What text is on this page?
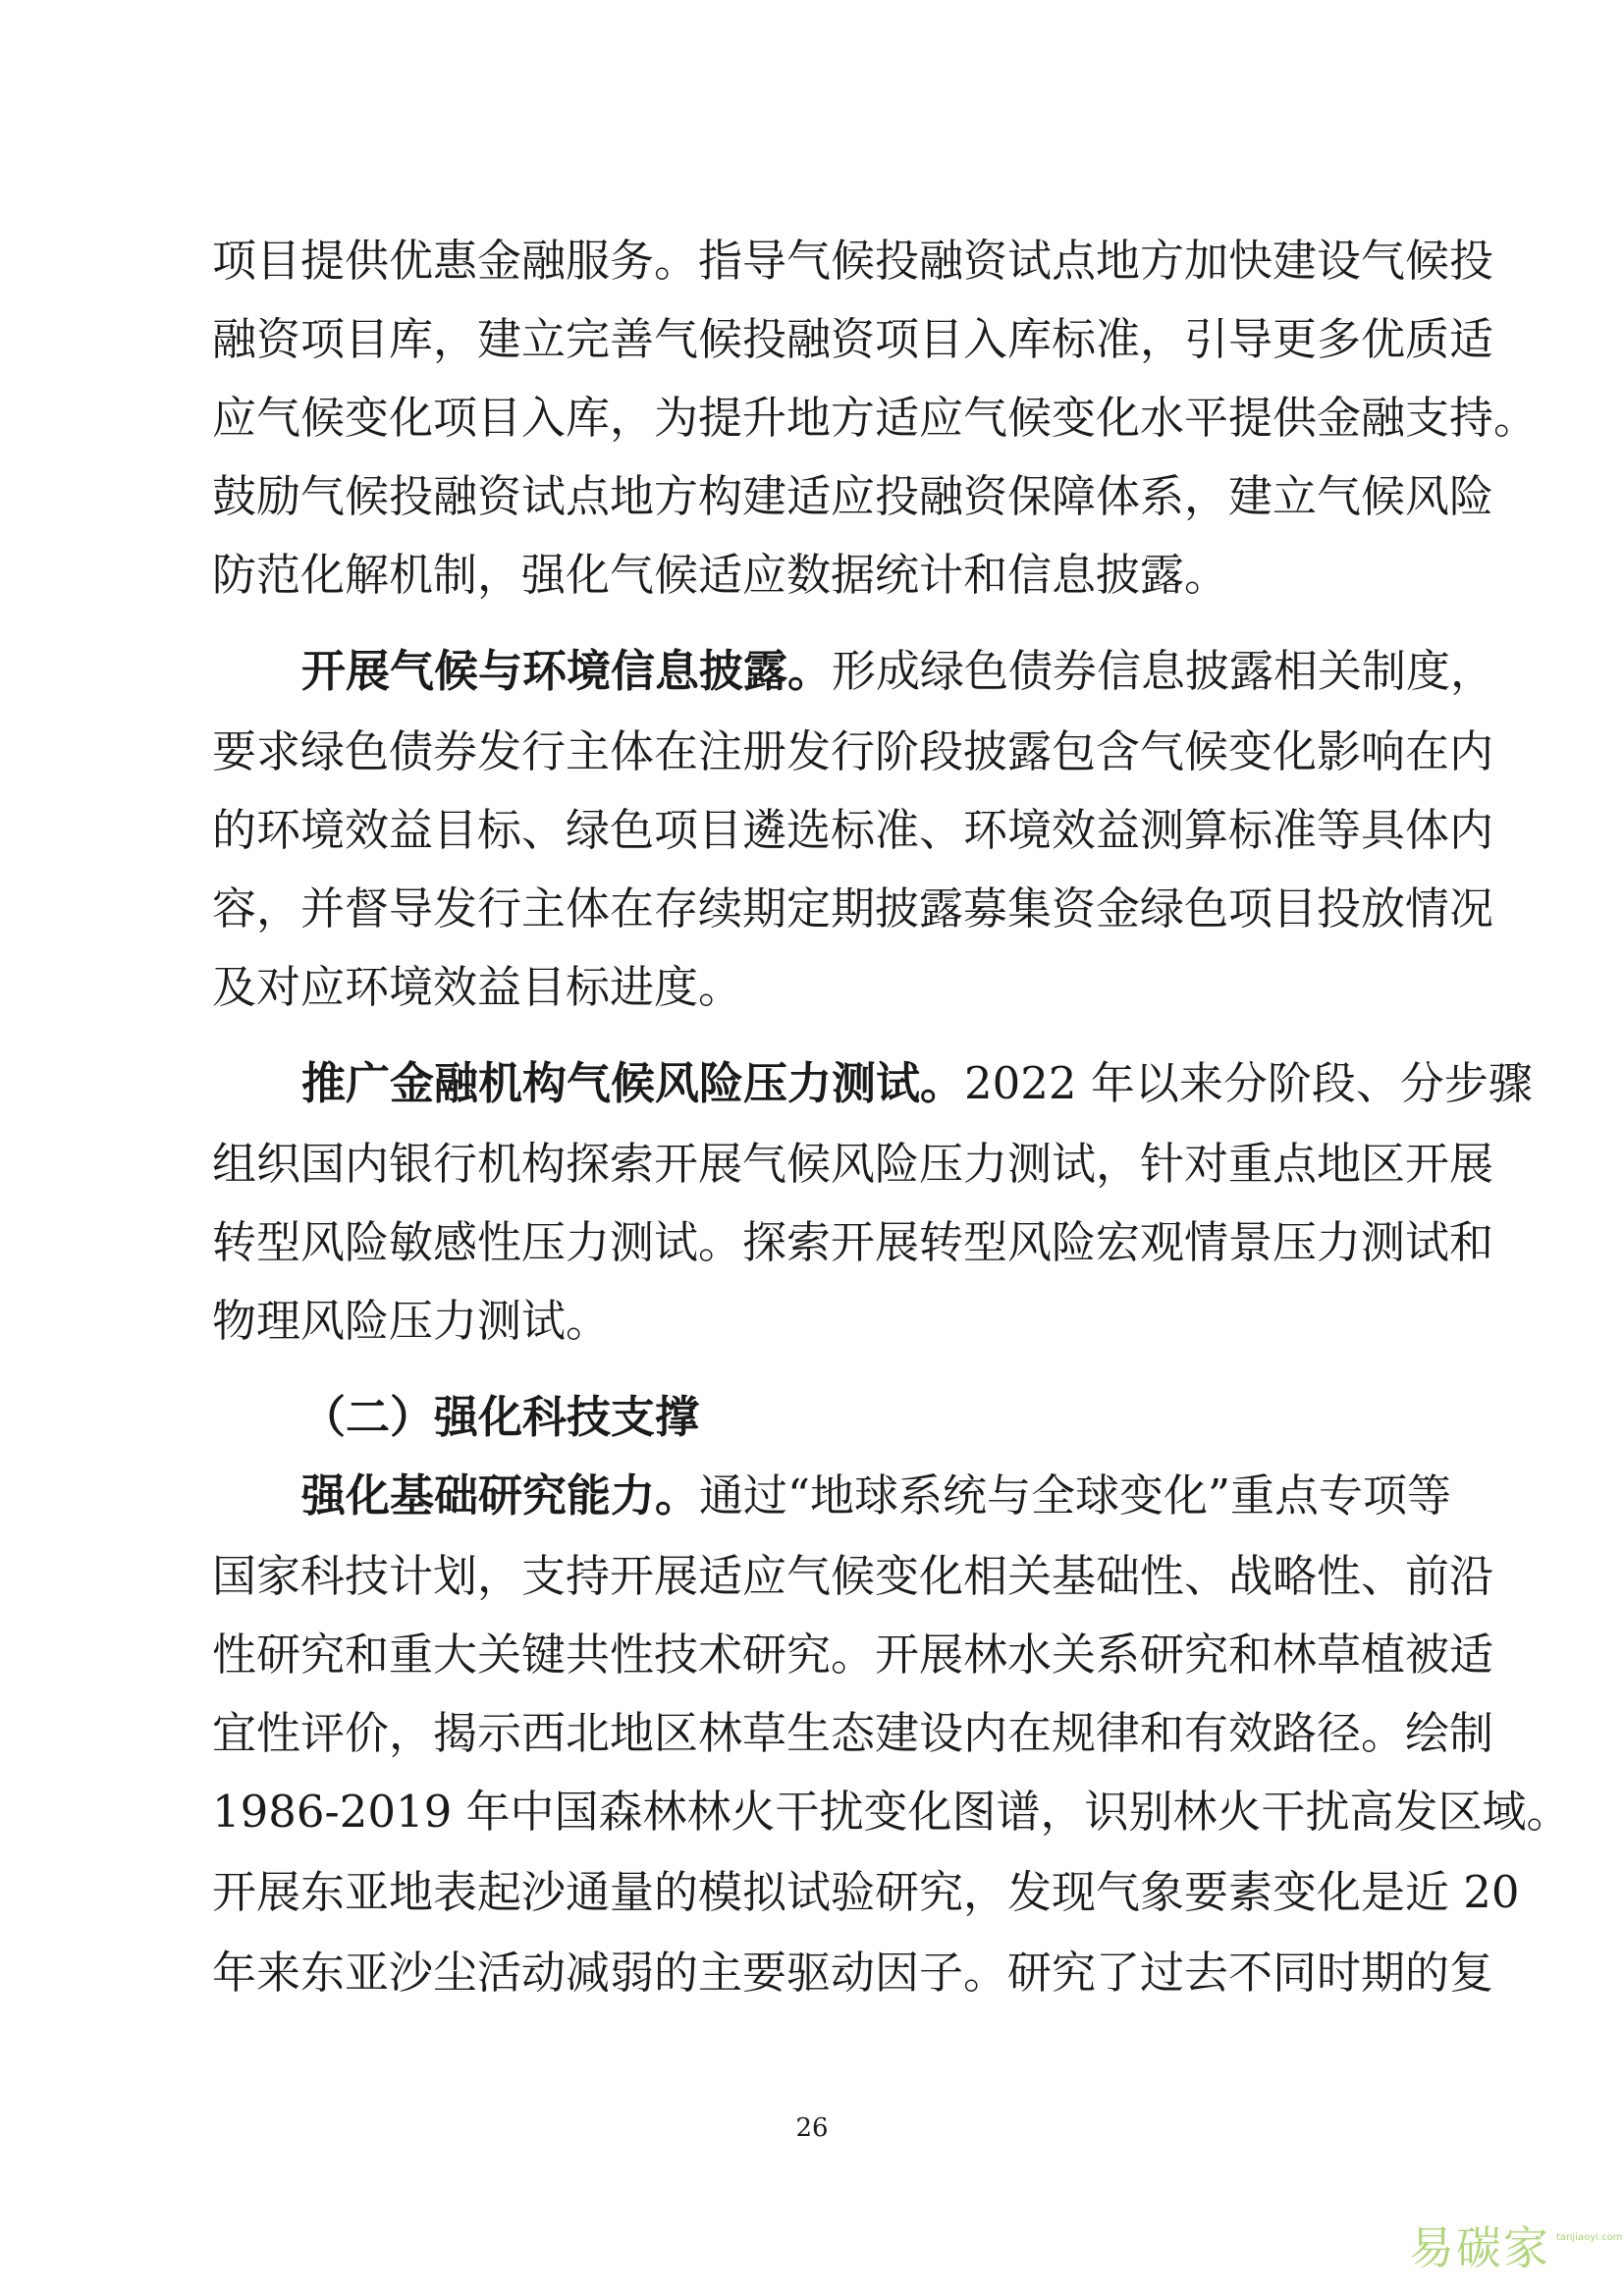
项目提供优惠金融服务。指导气候投融资试点地方加快建设气候投
融资项目库，建立完善气候投融资项目入库标准，引导更多优质适
应气候变化项目入库，为提升地方适应气候变化水平提供金融支持。
鼓励气候投融资试点地方构建适应投融资保障体系，建立气候风险
防范化解机制，强化气候适应数据统计和信息披露。
开展气候与环境信息披露。形成绿色债券信息披露相关制度，
要求绿色债券发行主体在注册发行阶段披露包含气候变化影响在内
的环境效益目标、绿色项目遴选标准、环境效益测算标准等具体内
容，并督导发行主体在存续期定期披露募集资金绿色项目投放情况
及对应环境效益目标进度。
推广金融机构气候风险压力测试。2022 年以来分阶段、分步骤
组织国内银行机构探索开展气候风险压力测试，针对重点地区开展
转型风险敏感性压力测试。探索开展转型风险宏观情景压力测试和
物理风险压力测试。
（二）强化科技支撑
强化基础研究能力。通过“地球系统与全球变化”重点专项等
国家科技计划，支持开展适应气候变化相关基础性、战略性、前沿
性研究和重大关键共性技术研究。开展林水关系研究和林草植被适
宜性评价，揭示西北地区林草生态建设内在规律和有效路径。绘制
1986-2019 年中国森林林火干扰变化图谱，识别林火干扰高发区域。
开展东亚地表起沙通量的模拟试验研究，发现气象要素变化是近 20
年来东亚沙尘活动减弱的主要驱动因子。研究了过去不同时期的复
26
易碳家 tanjiaoyi.com
